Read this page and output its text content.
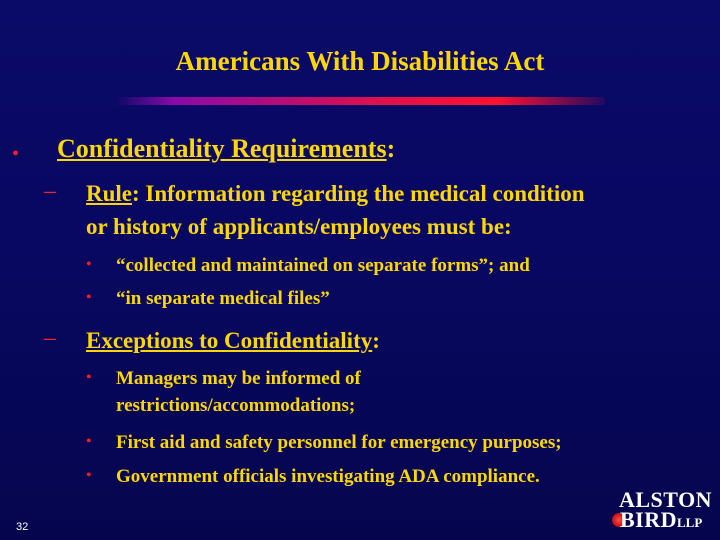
Americans With Disabilities Act
• Confidentiality Requirements:
– Rule: Information regarding the medical condition
or history of applicants/employees must be:
• “collected and maintained on separate forms”; and
• “in separate medical files”
– Exceptions to Confidentiality:
• Managers may be informed of
restrictions/accommodations;
• First aid and safety personnel for emergency purposes;
• Government officials investigating ADA compliance.
32
ALSTON
BIRDLLP
